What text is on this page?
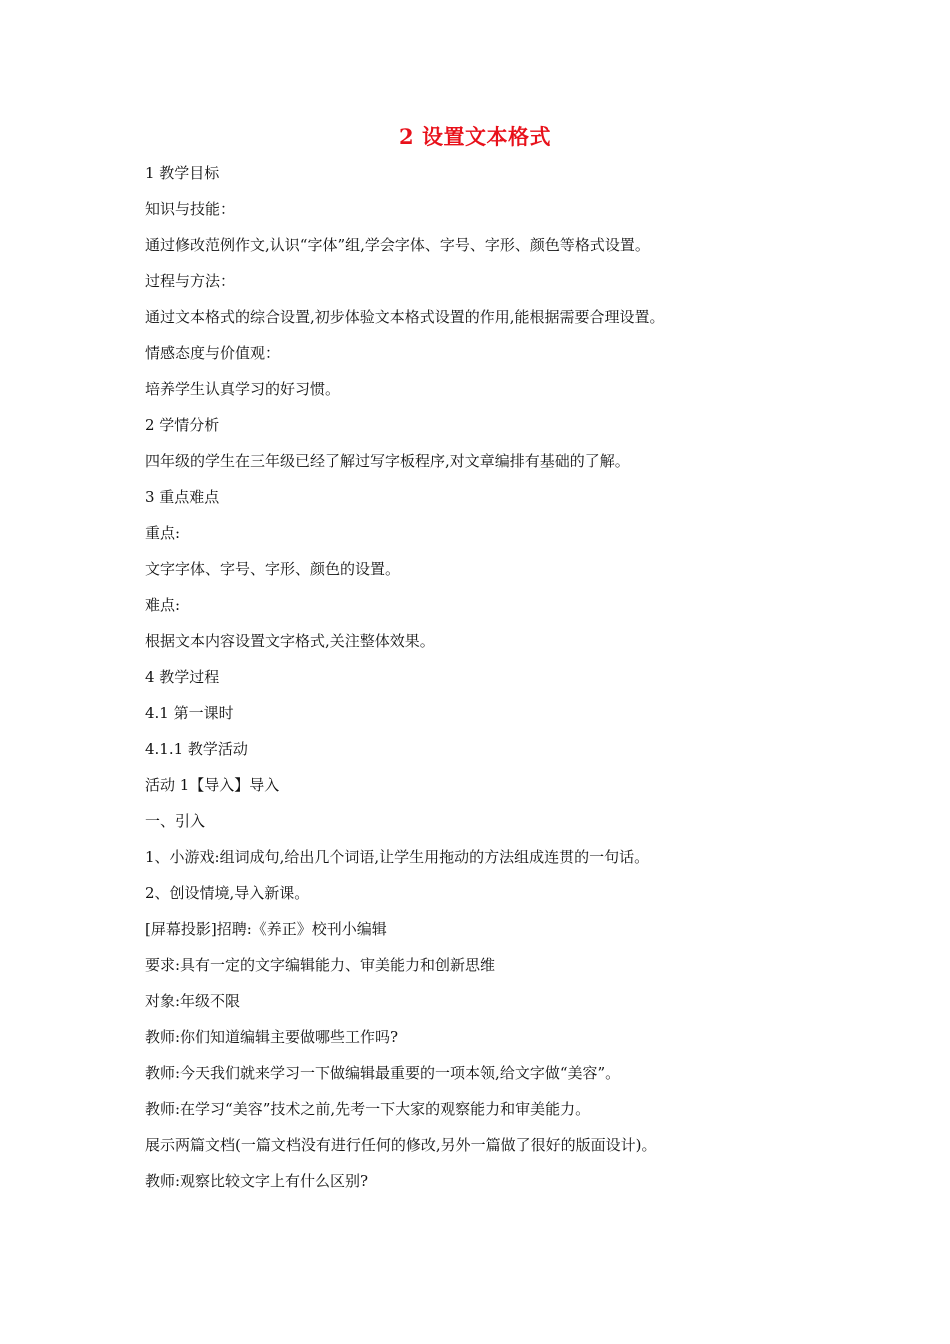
2 设置文本格式
1 教学目标
知识与技能：
通过修改范例作文,认识“字体”组,学会字体、字号、字形、颜色等格式设置。
过程与方法：
通过文本格式的综合设置,初步体验文本格式设置的作用,能根据需要合理设置。
情感态度与价值观：
培养学生认真学习的好习惯。
2 学情分析
四年级的学生在三年级已经了解过写字板程序,对文章编排有基础的了解。
3 重点难点
重点:
文字字体、字号、字形、颜色的设置。
难点:
根据文本内容设置文字格式,关注整体效果。
4 教学过程
4.1 第一课时
4.1.1 教学活动
活动 1【导入】导入
一、引入
1、小游戏:组词成句,给出几个词语,让学生用拖动的方法组成连贯的一句话。
2、创设情境,导入新课。
[屏幕投影]招聘:《养正》校刊小编辑
要求:具有一定的文字编辑能力、审美能力和创新思维
对象:年级不限
教师:你们知道编辑主要做哪些工作吗?
教师:今天我们就来学习一下做编辑最重要的一项本领,给文字做“美容”。
教师:在学习“美容”技术之前,先考一下大家的观察能力和审美能力。
展示两篇文档(一篇文档没有进行任何的修改,另外一篇做了很好的版面设计)。
教师:观察比较文字上有什么区别?
